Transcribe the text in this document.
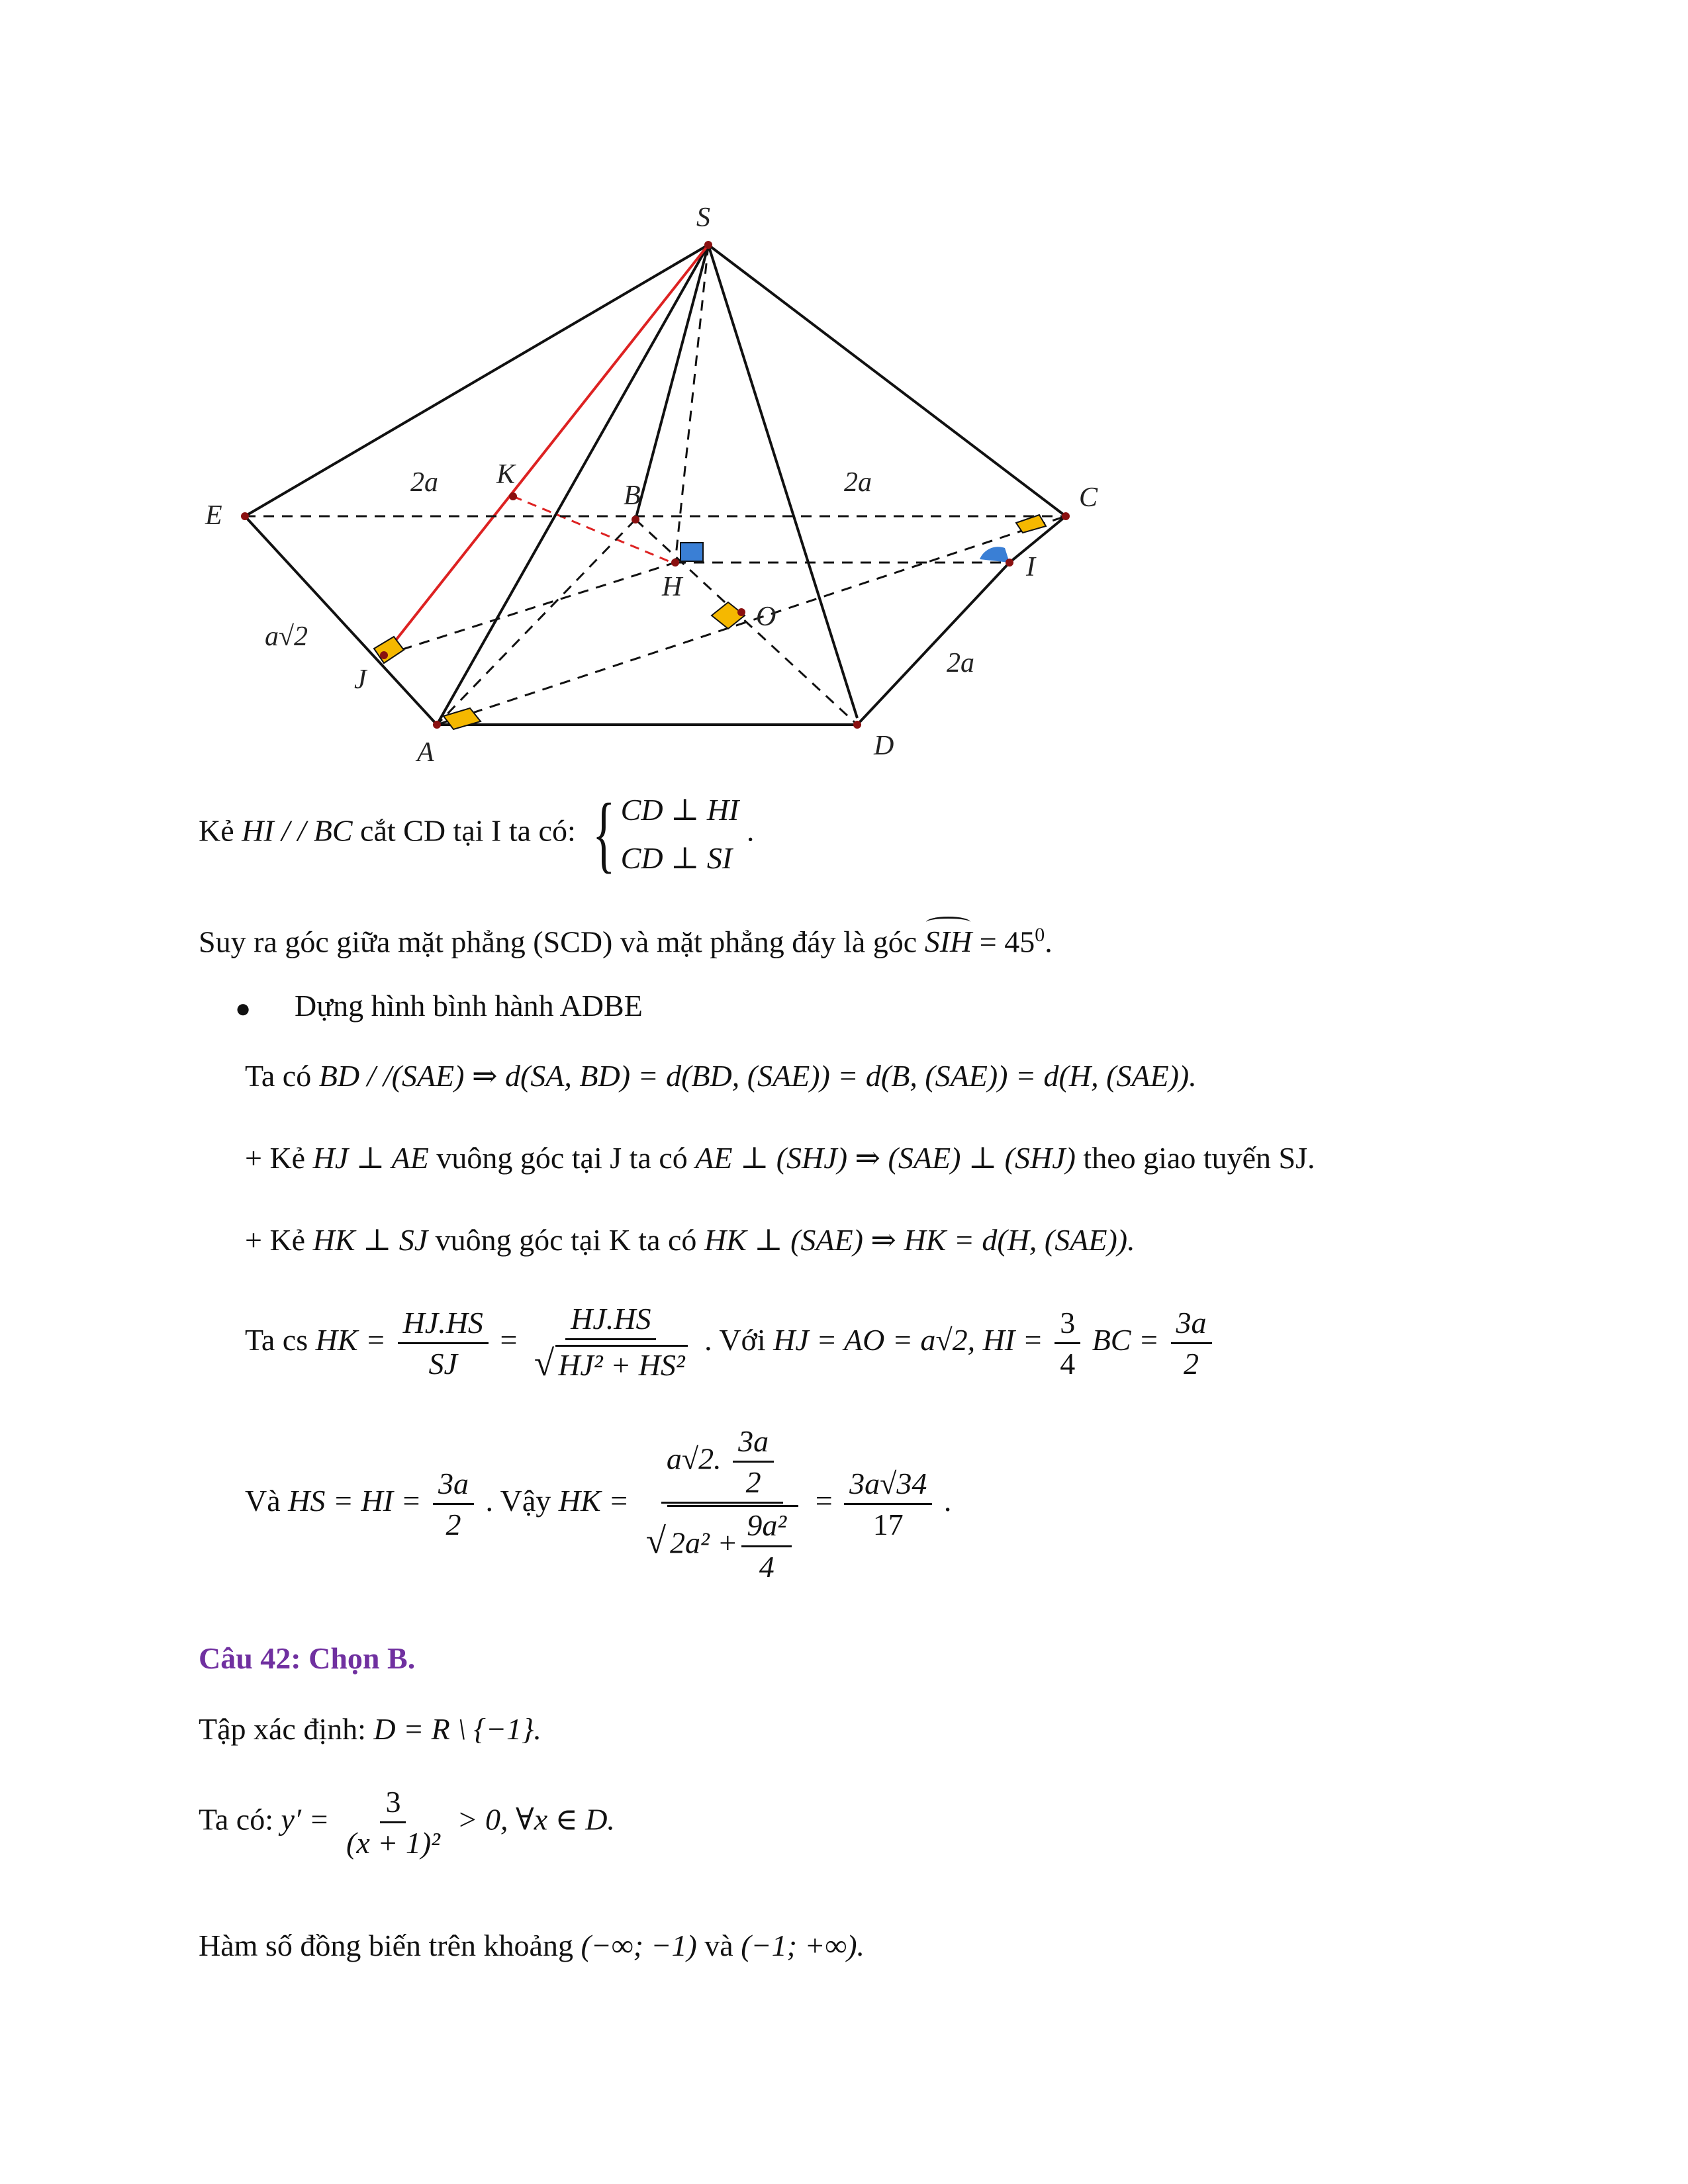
S
E
K
B	C
H
I
O
J
A	D
2a	2a
2a
a√2
Kẻ HI / / BC cắt CD tại I ta có: { CD ⊥ HI
CD ⊥ SI
.
Suy ra góc giữa mặt phẳng (SCD) và mặt phẳng đáy là góc SIH = $45^0$.
● Dựng hình bình hành ADBE
Ta có BD / /(SAE) ⇒ d(SA, BD) = d(BD, (SAE)) = d(B, (SAE)) = d(H, (SAE)).
+ Kẻ HJ ⊥ AE vuông góc tại J ta có AE ⊥ (SHJ) ⇒ (SAE) ⊥ (SHJ) theo giao tuyến SJ.
+ Kẻ HK ⊥ SJ vuông góc tại K ta có HK ⊥ (SAE) ⇒ HK = d(H, (SAE)).
Ta cs HK = $\frac{HJ.HS}{SJ} = \frac{HJ.HS}{\text{√ HJ² + HS²}}$ . Với HJ = AO = a√2, HI = $\frac{3}{4}$ BC = $\frac{3a}{2}$
Và HS = HI = $\frac{3a}{2}$ . Vậy HK = $\frac{a√2. \frac{3a}{2}}{√ 2a^2 + \frac{\text{9a²}}{4}} = \frac{3a√34}{17}$ .
Câu 42: Chọn B.
Tập xác định: D = R \ {−1}.
Ta có: $y' = \frac{3}{\text{(x + 1)²}} > 0$, ∀x ∈ D.
Hàm số đồng biến trên khoảng (−∞; −1) và (−1; +∞).
